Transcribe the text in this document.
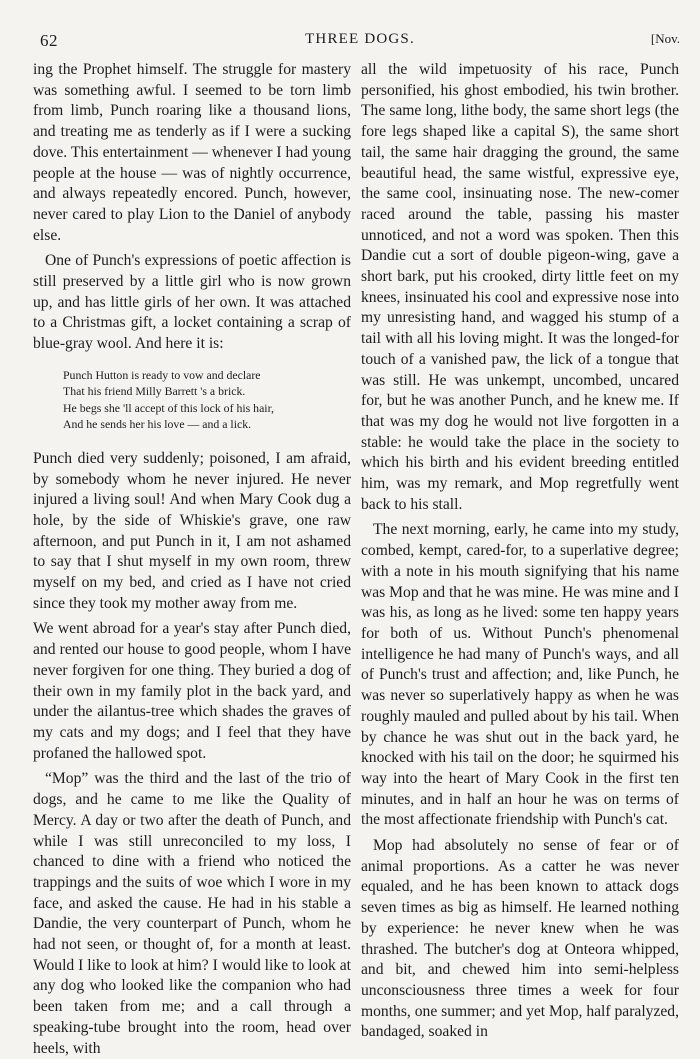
62	THREE DOGS.	[Nov.

ing the Prophet himself. The struggle for mastery was something awful. I seemed to be torn limb from limb, Punch roaring like a thousand lions, and treating me as tenderly as if I were a sucking dove. This entertainment — whenever I had young people at the house — was of nightly occurrence, and always repeatedly encored. Punch, however, never cared to play Lion to the Daniel of anybody else.

One of Punch's expressions of poetic affection is still preserved by a little girl who is now grown up, and has little girls of her own. It was attached to a Christmas gift, a locket containing a scrap of blue-gray wool. And here it is:

Punch Hutton is ready to vow and declare
That his friend Milly Barrett 's a brick.
He begs she 'll accept of this lock of his hair,
And he sends her his love — and a lick.

Punch died very suddenly; poisoned, I am afraid, by somebody whom he never injured. He never injured a living soul! And when Mary Cook dug a hole, by the side of Whiskie's grave, one raw afternoon, and put Punch in it, I am not ashamed to say that I shut myself in my own room, threw myself on my bed, and cried as I have not cried since they took my mother away from me.

We went abroad for a year's stay after Punch died, and rented our house to good people, whom I have never forgiven for one thing. They buried a dog of their own in my family plot in the back yard, and under the ailantus-tree which shades the graves of my cats and my dogs; and I feel that they have profaned the hallowed spot.

“Mop” was the third and the last of the trio of dogs, and he came to me like the Quality of Mercy. A day or two after the death of Punch, and while I was still unreconciled to my loss, I chanced to dine with a friend who noticed the trappings and the suits of woe which I wore in my face, and asked the cause. He had in his stable a Dandie, the very counterpart of Punch, whom he had not seen, or thought of, for a month at least. Would I like to look at him? I would like to look at any dog who looked like the companion who had been taken from me; and a call through a speaking-tube brought into the room, head over heels, with

all the wild impetuosity of his race, Punch personified, his ghost embodied, his twin brother. The same long, lithe body, the same short legs (the fore legs shaped like a capital S), the same short tail, the same hair dragging the ground, the same beautiful head, the same wistful, expressive eye, the same cool, insinuating nose. The new-comer raced around the table, passing his master unnoticed, and not a word was spoken. Then this Dandie cut a sort of double pigeon-wing, gave a short bark, put his crooked, dirty little feet on my knees, insinuated his cool and expressive nose into my unresisting hand, and wagged his stump of a tail with all his loving might. It was the longed-for touch of a vanished paw, the lick of a tongue that was still. He was unkempt, uncombed, uncared for, but he was another Punch, and he knew me. If that was my dog he would not live forgotten in a stable: he would take the place in the society to which his birth and his evident breeding entitled him, was my remark, and Mop regretfully went back to his stall.

The next morning, early, he came into my study, combed, kempt, cared-for, to a superlative degree; with a note in his mouth signifying that his name was Mop and that he was mine. He was mine and I was his, as long as he lived: some ten happy years for both of us. Without Punch's phenomenal intelligence he had many of Punch's ways, and all of Punch's trust and affection; and, like Punch, he was never so superlatively happy as when he was roughly mauled and pulled about by his tail. When by chance he was shut out in the back yard, he knocked with his tail on the door; he squirmed his way into the heart of Mary Cook in the first ten minutes, and in half an hour he was on terms of the most affectionate friendship with Punch's cat.

Mop had absolutely no sense of fear or of animal proportions. As a catter he was never equaled, and he has been known to attack dogs seven times as big as himself. He learned nothing by experience: he never knew when he was thrashed. The butcher's dog at Onteora whipped, and bit, and chewed him into semi-helpless unconsciousness three times a week for four months, one summer; and yet Mop, half paralyzed, bandaged, soaked in
